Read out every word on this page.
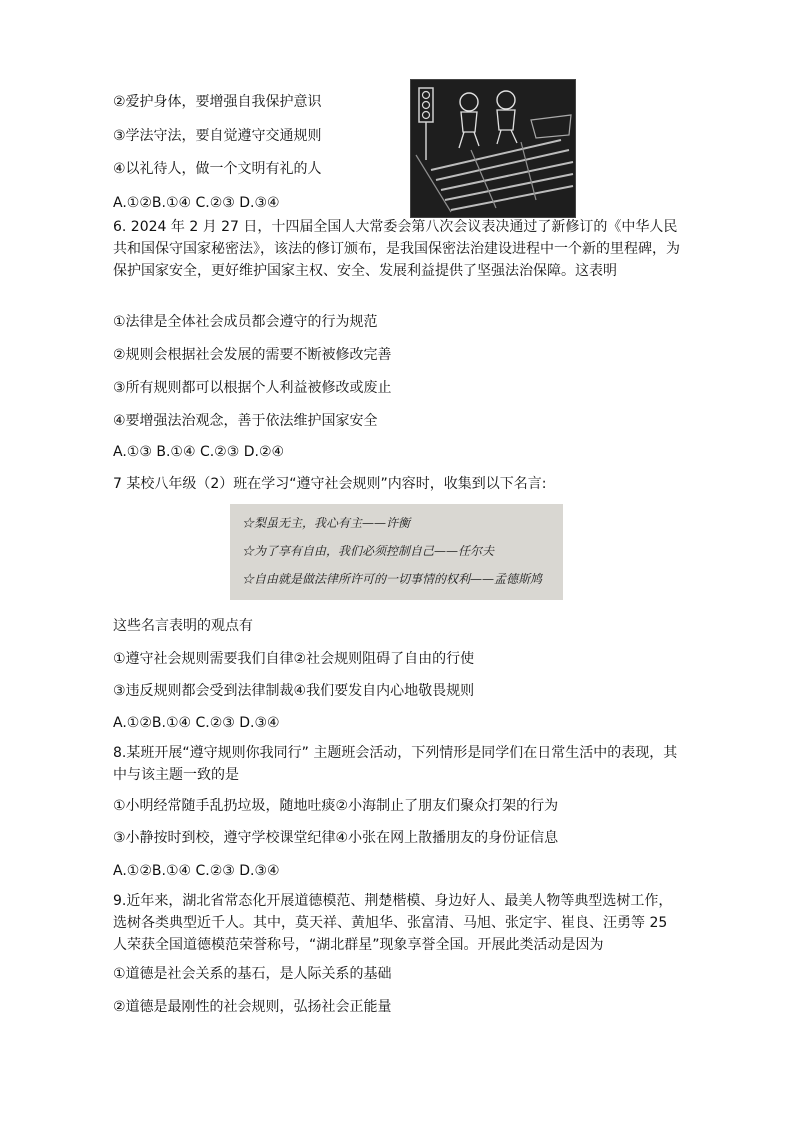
②爱护身体，要增强自我保护意识
③学法守法，要自觉遵守交通规则
④以礼待人，做一个文明有礼的人
A.①②B.①④ C.②③ D.③④
6. 2024 年 2 月 27 日，十四届全国人大常委会第八次会议表决通过了新修订的《中华人民共和国保守国家秘密法》，该法的修订颁布，是我国保密法治建设进程中一个新的里程碑，为保护国家安全，更好维护国家主权、安全、发展利益提供了坚强法治保障。这表明
①法律是全体社会成员都会遵守的行为规范
②规则会根据社会发展的需要不断被修改完善
③所有规则都可以根据个人利益被修改或废止
④要增强法治观念，善于依法维护国家安全
A.①③ B.①④ C.②③ D.②④
7 某校八年级（2）班在学习“遵守社会规则”内容时，收集到以下名言:
☆梨虽无主，我心有主——许衡
☆为了享有自由，我们必须控制自己——任尔夫
☆自由就是做法律所许可的一切事情的权利——孟德斯鸠
这些名言表明的观点有
①遵守社会规则需要我们自律②社会规则阻碍了自由的行使
③违反规则都会受到法律制裁④我们要发自内心地敬畏规则
A.①②B.①④ C.②③ D.③④
8.某班开展“遵守规则你我同行” 主题班会活动，下列情形是同学们在日常生活中的表现，其中与该主题一致的是
①小明经常随手乱扔垃圾，随地吐痰②小海制止了朋友们聚众打架的行为
③小静按时到校，遵守学校课堂纪律④小张在网上散播朋友的身份证信息
A.①②B.①④ C.②③ D.③④
9.近年来，湖北省常态化开展道德模范、荆楚楷模、身边好人、最美人物等典型选树工作，选树各类典型近千人。其中，莫天祥、黄旭华、张富清、马旭、张定宇、崔良、汪勇等 25 人荣获全国道德模范荣誉称号，“湖北群星”现象享誉全国。开展此类活动是因为
①道德是社会关系的基石，是人际关系的基础
②道德是最刚性的社会规则，弘扬社会正能量
